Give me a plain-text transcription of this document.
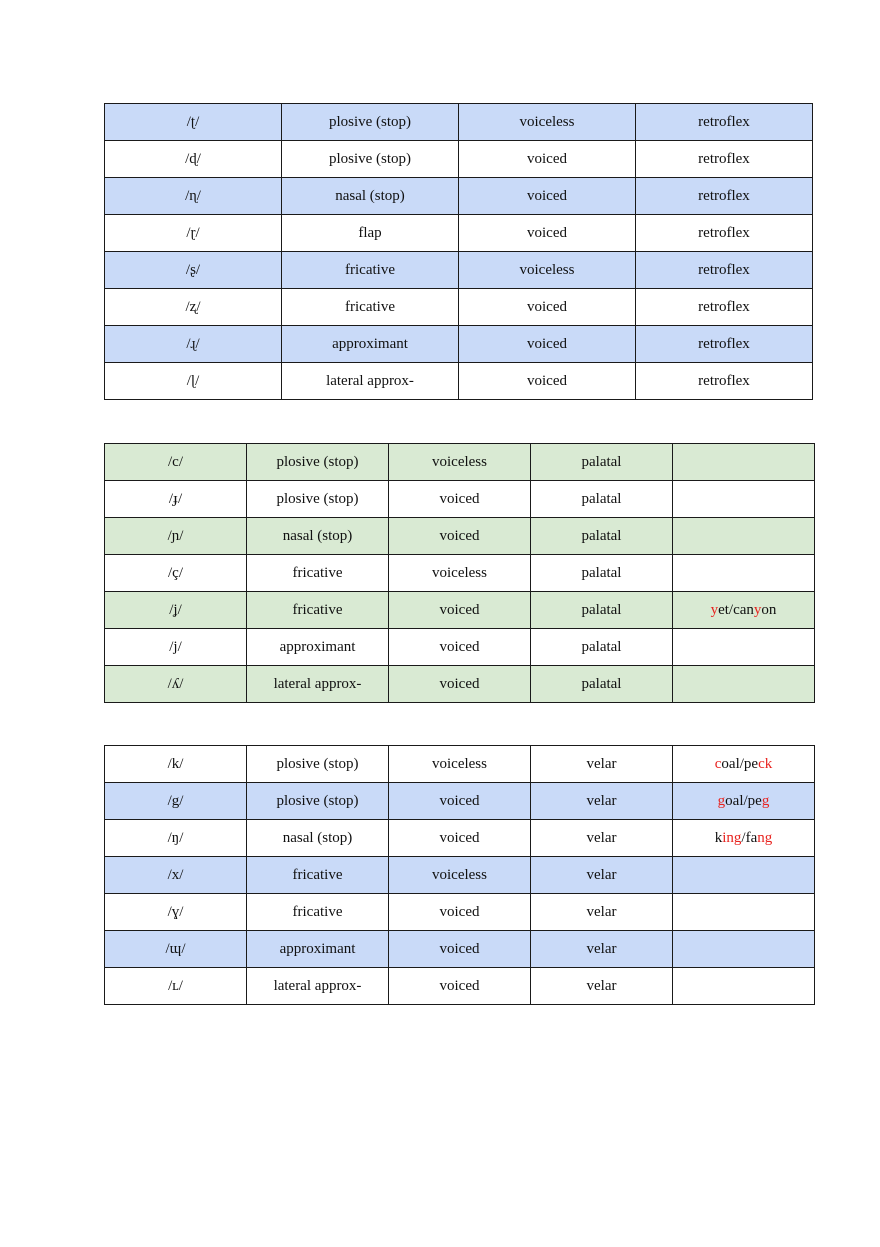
/ʈ/	plosive (stop)	voiceless	retroflex
/ɖ/	plosive (stop)	voiced	retroflex
/ɳ/	nasal (stop)	voiced	retroflex
/ɽ/	flap	voiced	retroflex
/ʂ/	fricative	voiceless	retroflex
/ʐ/	fricative	voiced	retroflex
/ɻ/	approximant	voiced	retroflex
/ɭ/	lateral approx-	voiced	retroflex
/c/	plosive (stop)	voiceless	palatal	
/ɟ/	plosive (stop)	voiced	palatal	
/ɲ/	nasal (stop)	voiced	palatal	
/ç/	fricative	voiceless	palatal	
/ʝ/	fricative	voiced	palatal	yet/canyon
/j/	approximant	voiced	palatal	
/ʎ/	lateral approx-	voiced	palatal	
/k/	plosive (stop)	voiceless	velar	coal/peck
/g/	plosive (stop)	voiced	velar	goal/peg
/ŋ/	nasal (stop)	voiced	velar	king/fang
/x/	fricative	voiceless	velar	
/ɣ/	fricative	voiced	velar	
/ɰ/	approximant	voiced	velar	
/ʟ/	lateral approx-	voiced	velar	
